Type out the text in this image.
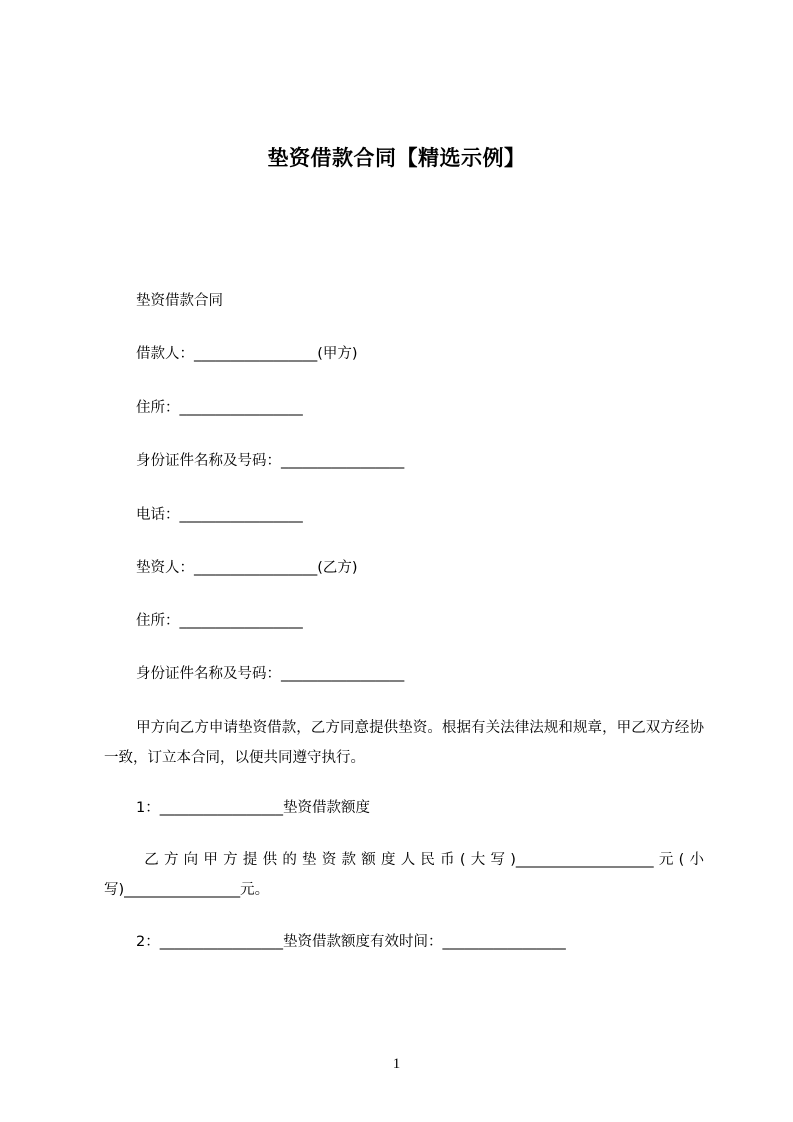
垫资借款合同【精选示例】
垫资借款合同
借款人：_________________(甲方)
住所：_________________
身份证件名称及号码：_________________
电话：_________________
垫资人：_________________(乙方)
住所：_________________
身份证件名称及号码：_________________
甲方向乙方申请垫资借款，乙方同意提供垫资。根据有关法律法规和规章，甲乙双方经协一致，订立本合同，以便共同遵守执行。
1：_________________垫资借款额度
乙方向甲方提供的垫资款额度人民币(大写)___________________元(小写)________________元。
2：_________________垫资借款额度有效时间：_________________
1
